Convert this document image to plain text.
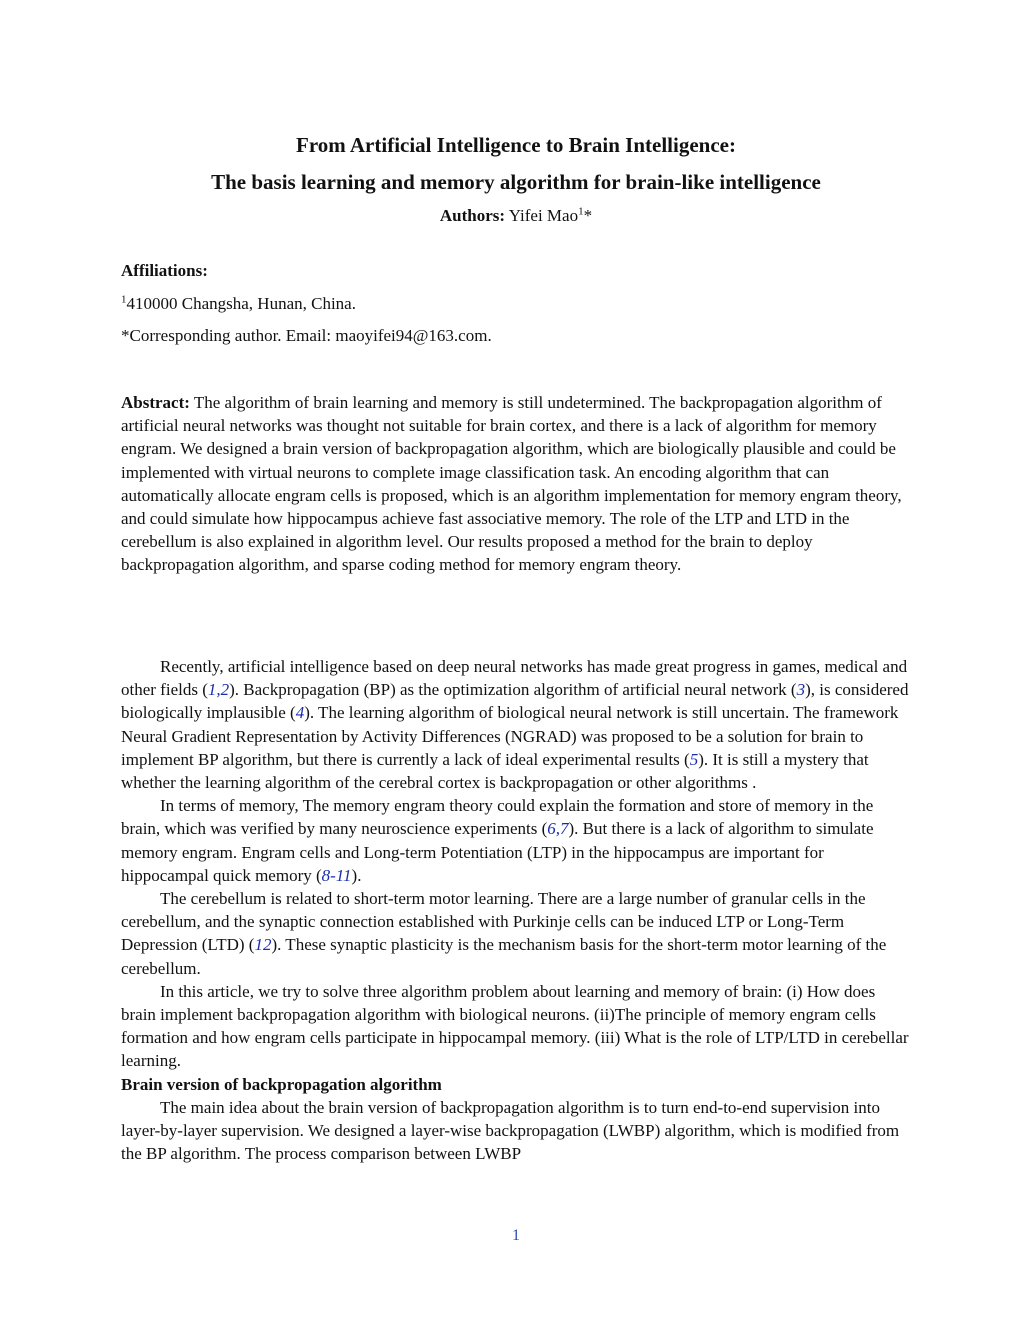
From Artificial Intelligence to Brain Intelligence:
The basis learning and memory algorithm for brain-like intelligence
Authors: Yifei Mao$^1$*
Affiliations:
$^1$410000 Changsha, Hunan, China.
*Corresponding author. Email: maoyifei94@163.com.

Abstract: The algorithm of brain learning and memory is still undetermined. The backpropagation algorithm of artificial neural networks was thought not suitable for brain cortex, and there is a lack of algorithm for memory engram. We designed a brain version of backpropagation algorithm, which are biologically plausible and could be implemented with virtual neurons to complete image classification task. An encoding algorithm that can automatically allocate engram cells is proposed, which is an algorithm implementation for memory engram theory, and could simulate how hippocampus achieve fast associative memory. The role of the LTP and LTD in the cerebellum is also explained in algorithm level. Our results proposed a method for the brain to deploy backpropagation algorithm, and sparse coding method for memory engram theory.

Recently, artificial intelligence based on deep neural networks has made great progress in games, medical and other fields (1,2). Backpropagation (BP) as the optimization algorithm of artificial neural network (3), is considered biologically implausible (4). The learning algorithm of biological neural network is still uncertain. The framework Neural Gradient Representation by Activity Differences (NGRAD) was proposed to be a solution for brain to implement BP algorithm, but there is currently a lack of ideal experimental results (5). It is still a mystery that whether the learning algorithm of the cerebral cortex is backpropagation or other algorithms .

In terms of memory, The memory engram theory could explain the formation and store of memory in the brain, which was verified by many neuroscience experiments (6,7). But there is a lack of algorithm to simulate memory engram. Engram cells and Long-term Potentiation (LTP) in the hippocampus are important for hippocampal quick memory (8-11).

The cerebellum is related to short-term motor learning. There are a large number of granular cells in the cerebellum, and the synaptic connection established with Purkinje cells can be induced LTP or Long-Term Depression (LTD) (12). These synaptic plasticity is the mechanism basis for the short-term motor learning of the cerebellum.

In this article, we try to solve three algorithm problem about learning and memory of brain: (i) How does brain implement backpropagation algorithm with biological neurons. (ii)The principle of memory engram cells formation and how engram cells participate in hippocampal memory. (iii) What is the role of LTP/LTD in cerebellar learning.

Brain version of backpropagation algorithm

The main idea about the brain version of backpropagation algorithm is to turn end-to-end supervision into layer-by-layer supervision. We designed a layer-wise backpropagation (LWBP) algorithm, which is modified from the BP algorithm. The process comparison between LWBP

1
